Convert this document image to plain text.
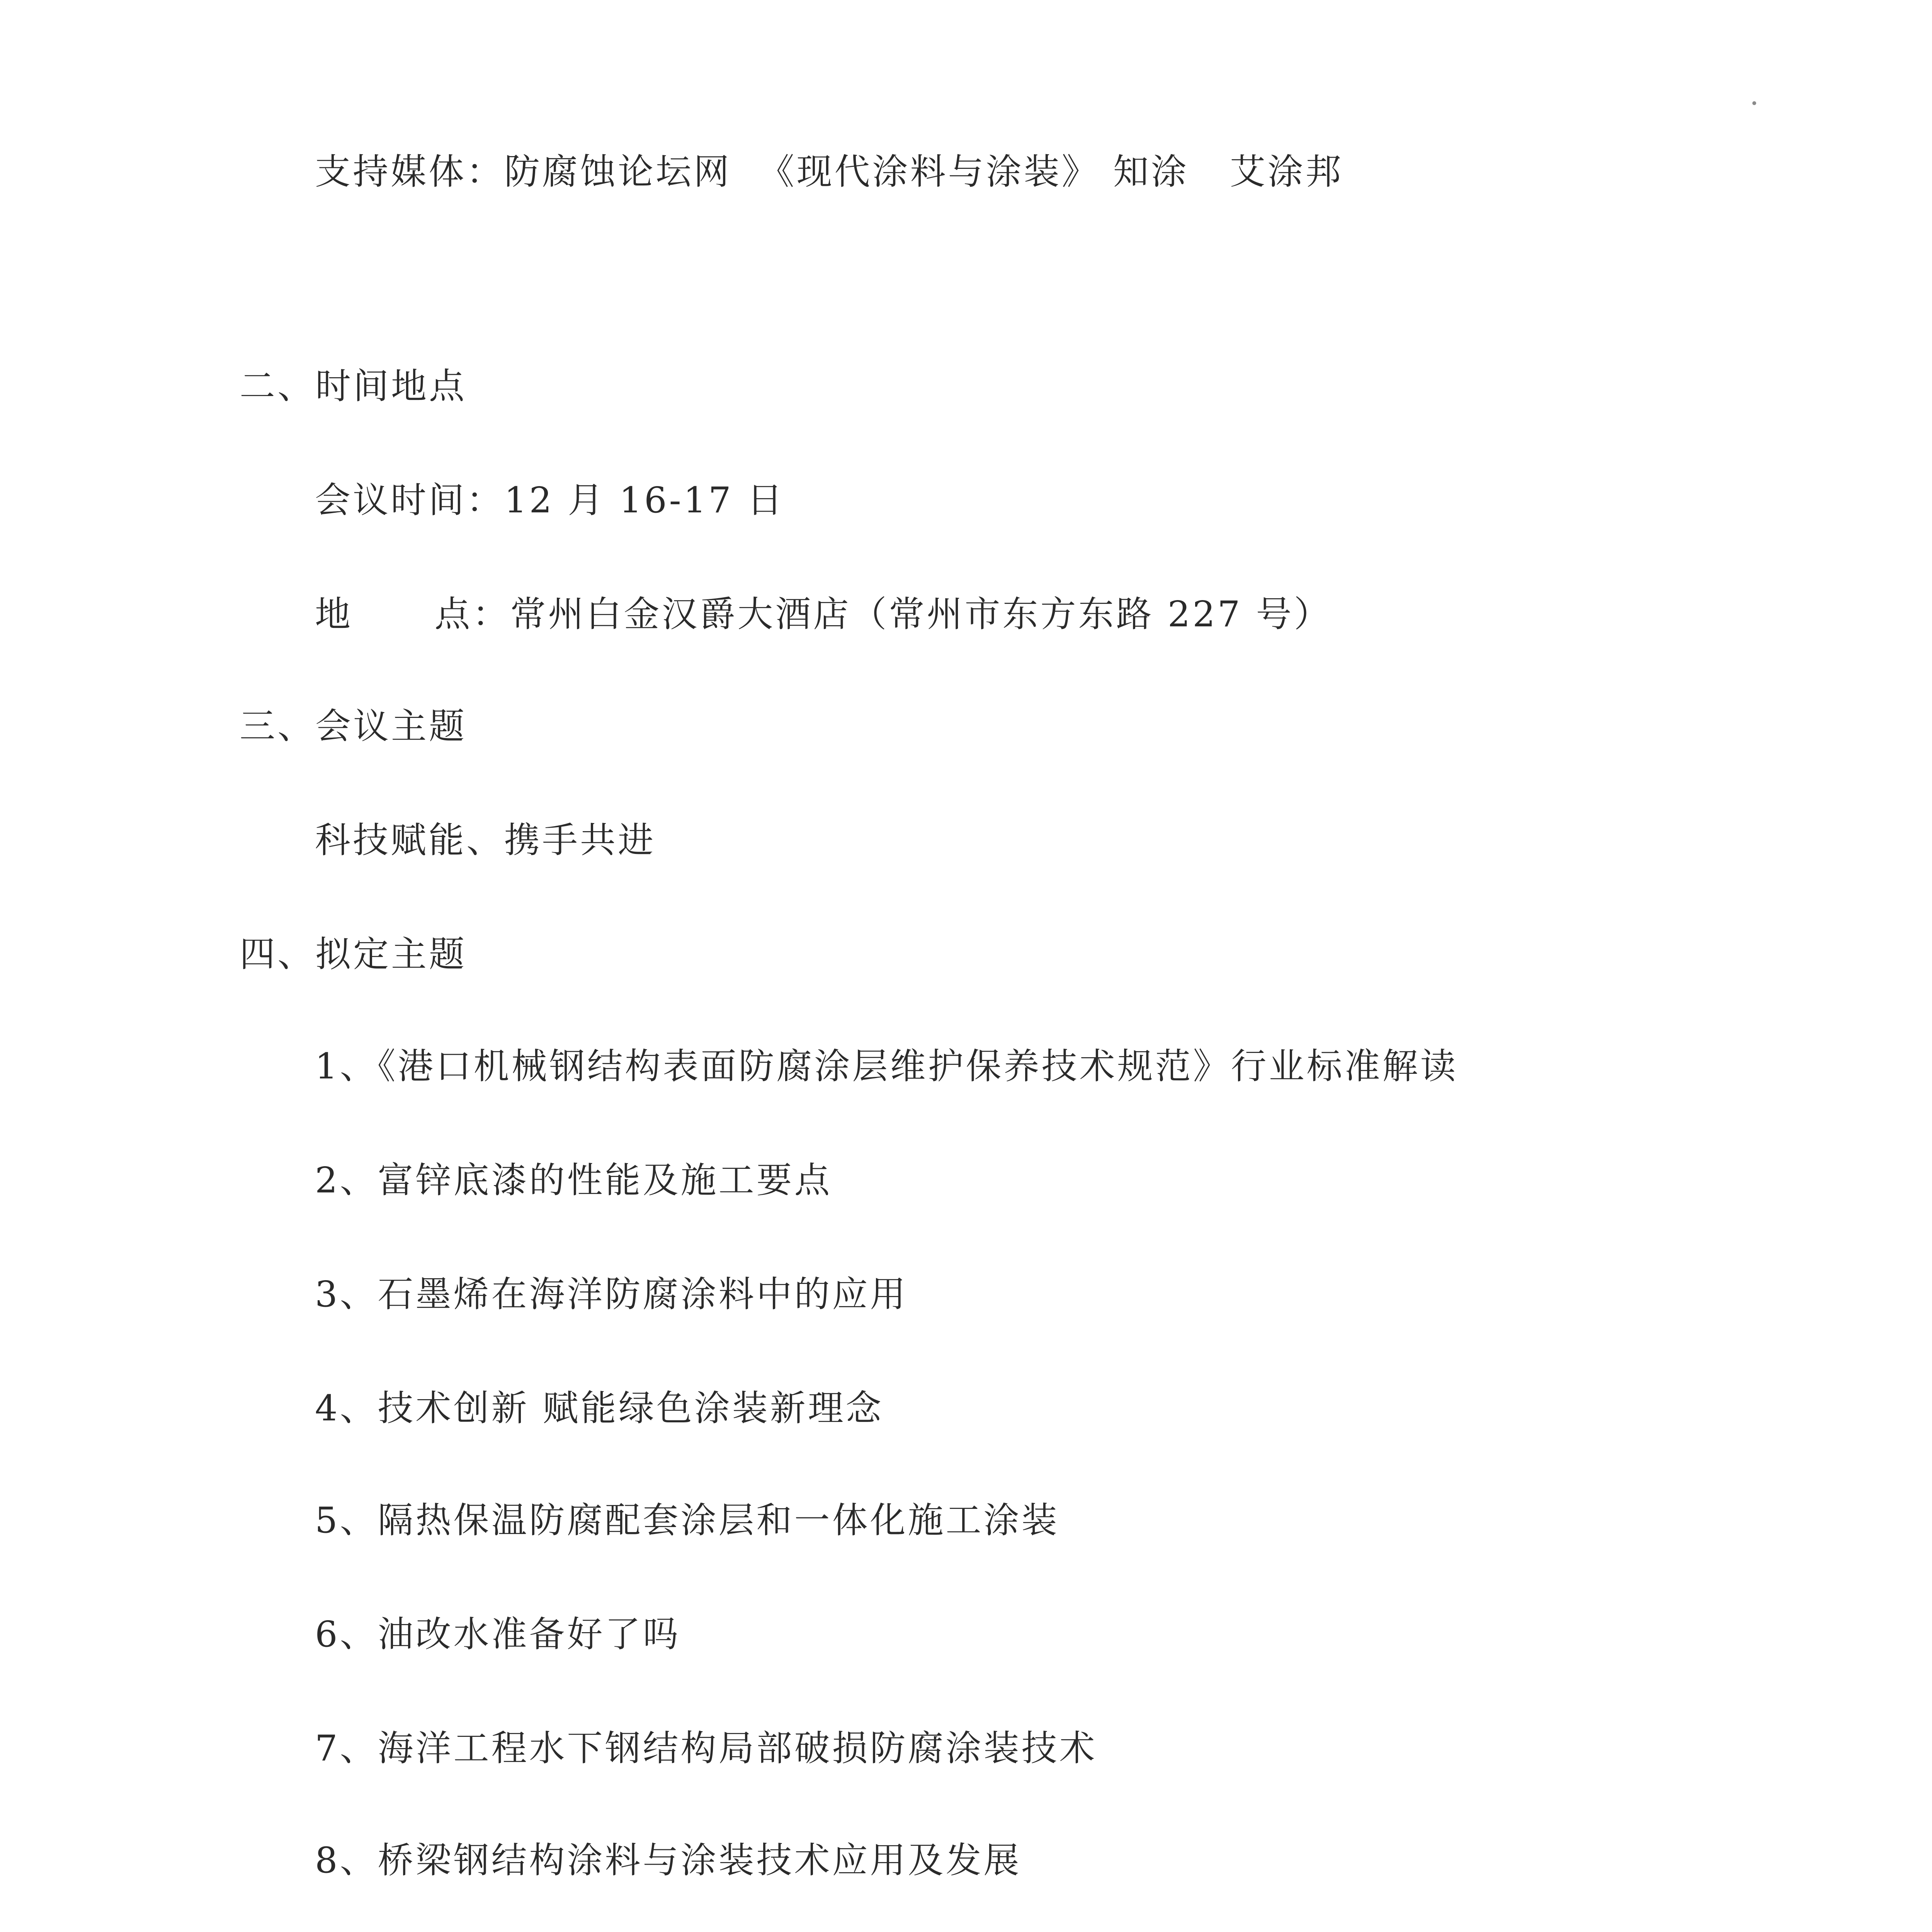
支持媒体：防腐蚀论坛网  《现代涂料与涂装》 知涂   艾涂邦
二、时间地点
会议时间：12 月 16-17 日
地      点：常州白金汉爵大酒店（常州市东方东路 227 号）
三、会议主题
科技赋能、携手共进
四、拟定主题
1、《港口机械钢结构表面防腐涂层维护保养技术规范》行业标准解读
2、富锌底漆的性能及施工要点
3、石墨烯在海洋防腐涂料中的应用
4、技术创新 赋能绿色涂装新理念
5、隔热保温防腐配套涂层和一体化施工涂装
6、油改水准备好了吗
7、海洋工程水下钢结构局部破损防腐涂装技术
8、桥梁钢结构涂料与涂装技术应用及发展
